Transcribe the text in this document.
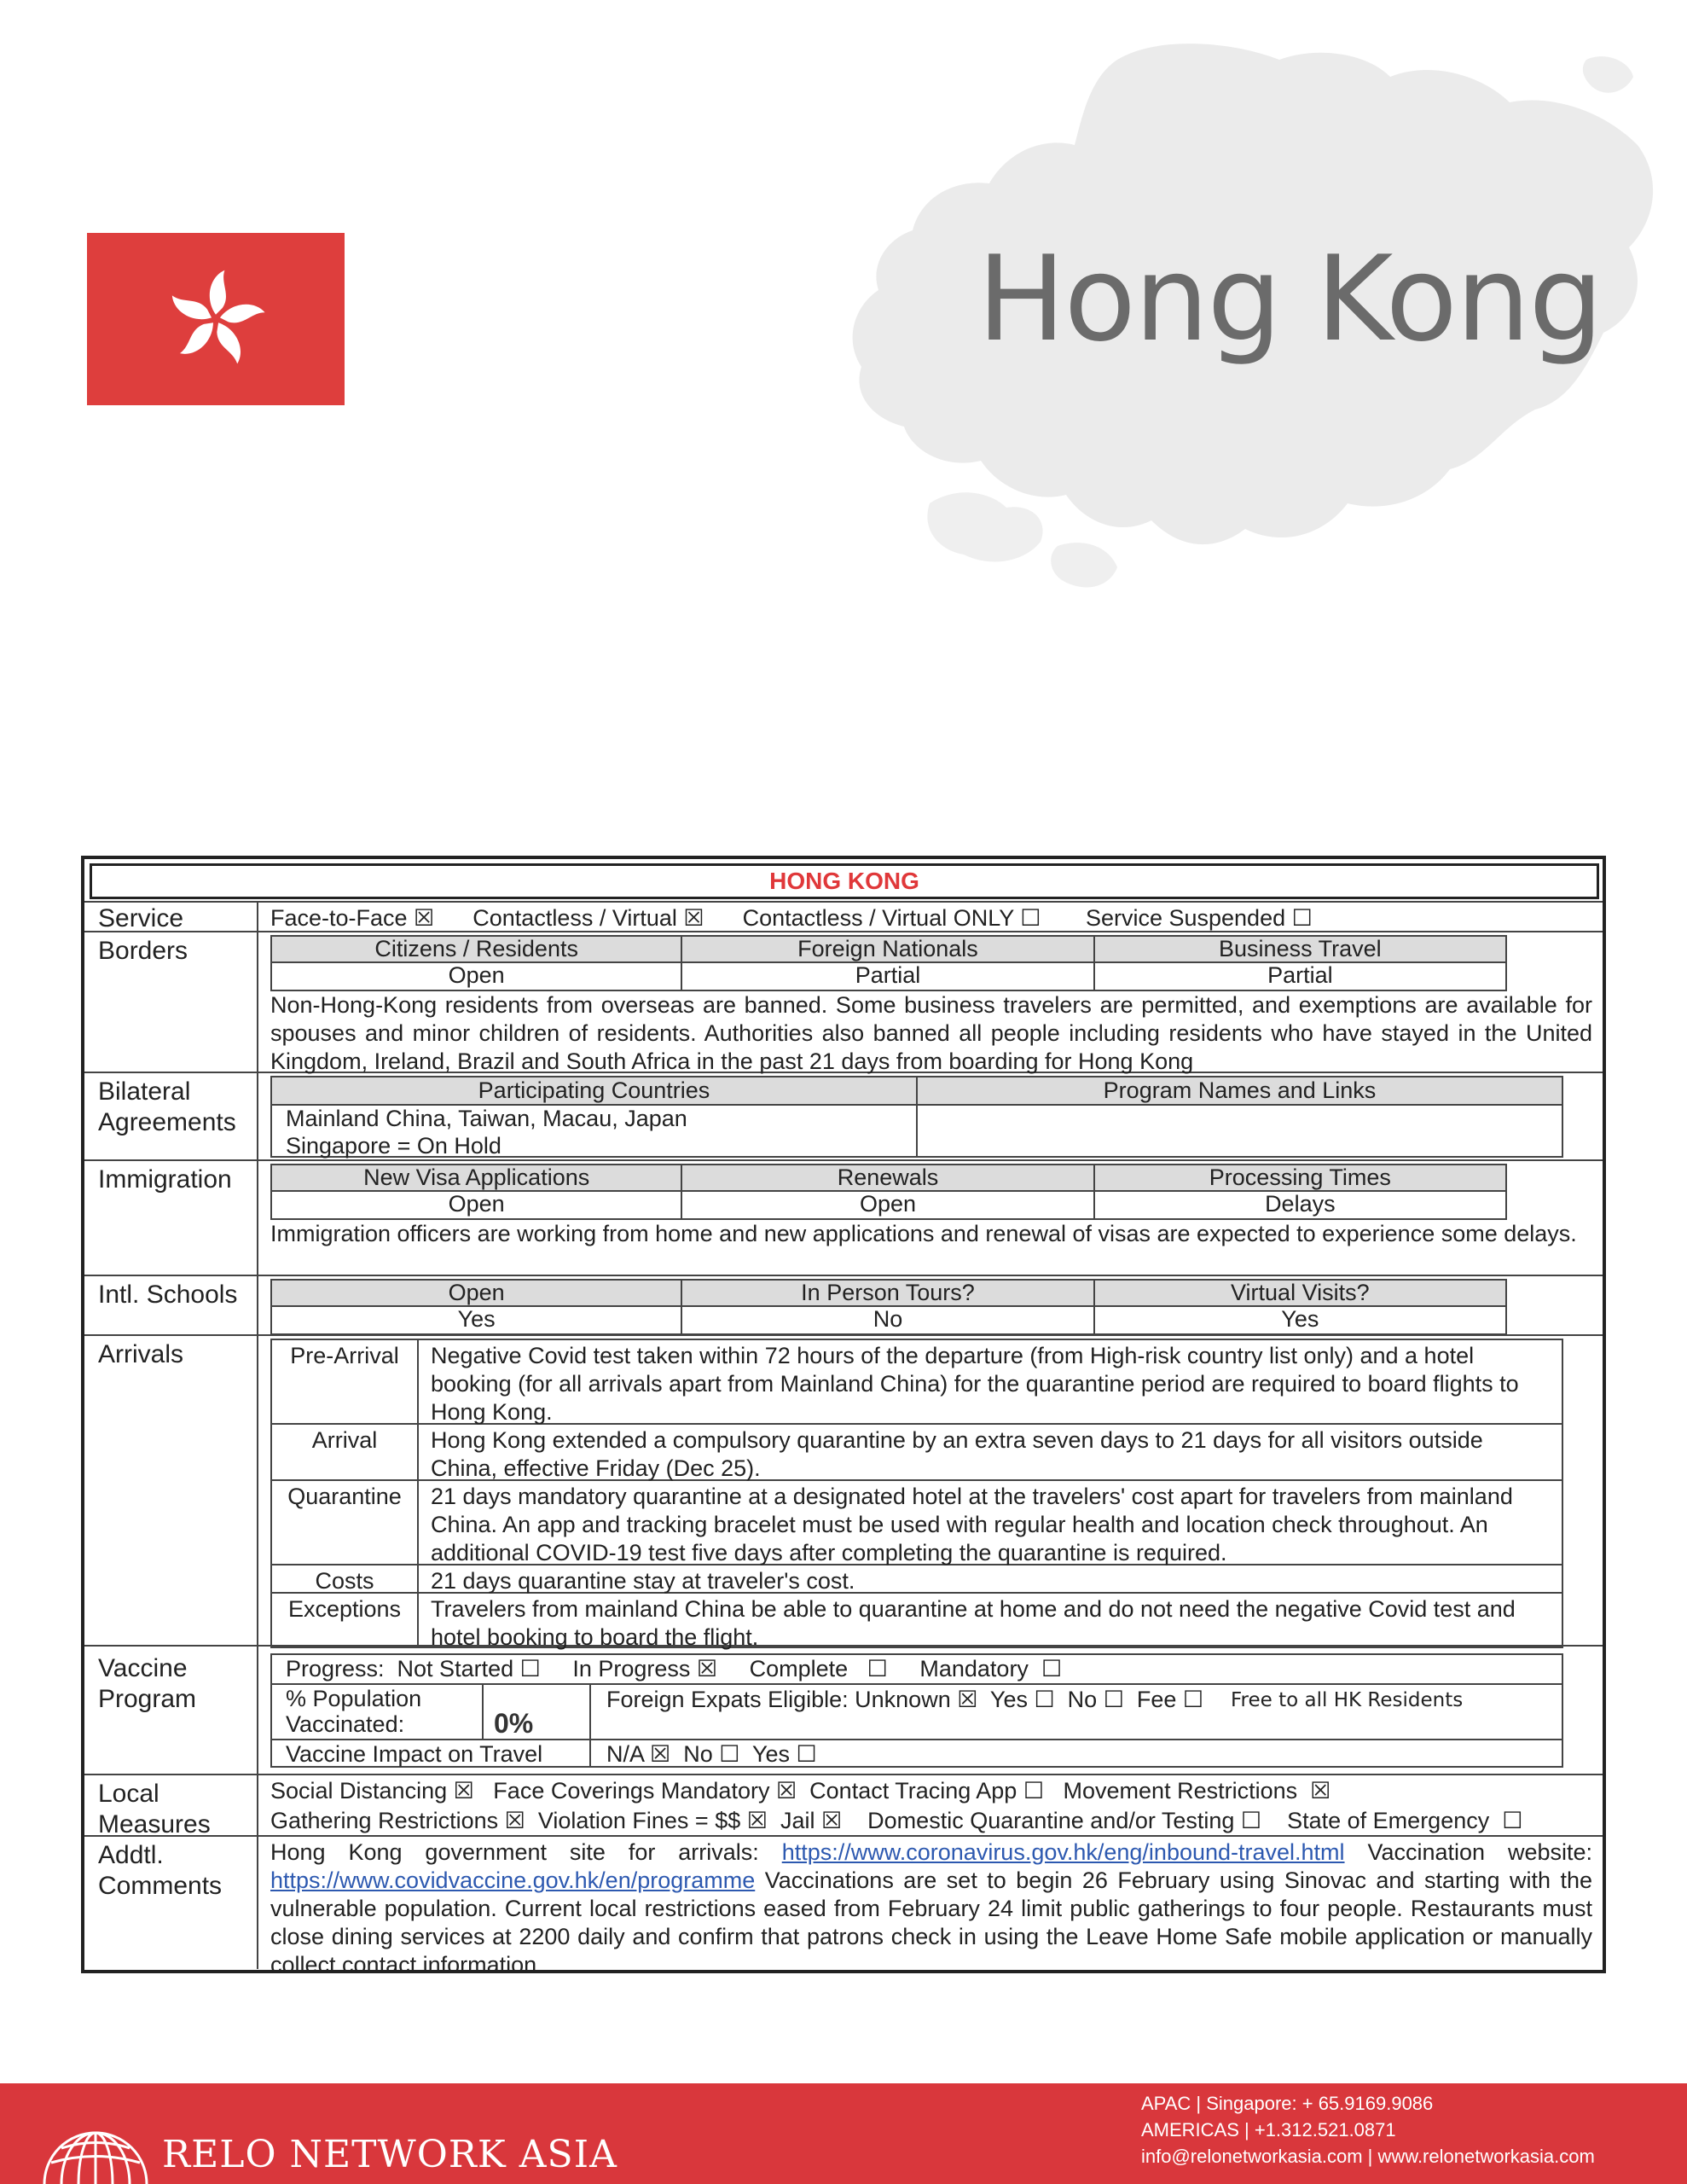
Hong Kong
HONG KONG
Service	Face-to-Face ☒      Contactless / Virtual ☒      Contactless / Virtual ONLY ☐       Service Suspended ☐
Borders	Citizens / Residents	Foreign Nationals	Business Travel
Open	Partial	Partial
Non-Hong-Kong residents from overseas are banned. Some business travelers are permitted, and exemptions are available for spouses and minor children of residents. Authorities also banned all people including residents who have stayed in the United Kingdom, Ireland, Brazil and South Africa in the past 21 days from boarding for Hong Kong
Bilateral Agreements
Participating Countries	Program Names and Links
Mainland China, Taiwan, Macau, Japan
Singapore = On Hold
Immigration	New Visa Applications	Renewals	Processing Times
Open	Open	Delays
Immigration officers are working from home and new applications and renewal of visas are expected to experience some delays.
Intl. Schools	Open	In Person Tours?	Virtual Visits?
Yes	No	Yes
Arrivals	Pre-Arrival	Negative Covid test taken within 72 hours of the departure (from High-risk country list only) and a hotel booking (for all arrivals apart from Mainland China) for the quarantine period are required to board flights to Hong Kong.
Arrival	Hong Kong extended a compulsory quarantine by an extra seven days to 21 days for all visitors outside China, effective Friday (Dec 25).
Quarantine	21 days mandatory quarantine at a designated hotel at the travelers' cost apart for travelers from mainland China. An app and tracking bracelet must be used with regular health and location check throughout. An additional COVID-19 test five days after completing the quarantine is required.
Costs	21 days quarantine stay at traveler's cost.
Exceptions	Travelers from mainland China be able to quarantine at home and do not need the negative Covid test and hotel booking to board the flight.
Vaccine Program
Progress:  Not Started ☐     In Progress ☒     Complete   ☐     Mandatory  ☐
% Population Vaccinated:	0%
Foreign Expats Eligible: Unknown ☒  Yes ☐  No ☐  Fee ☐ Free to all HK Residents
Vaccine Impact on Travel	N/A ☒  No ☐  Yes ☐
Local Measures
Social Distancing ☒   Face Coverings Mandatory ☒  Contact Tracing App ☐   Movement Restrictions  ☒
Gathering Restrictions ☒  Violation Fines = $$ ☒  Jail ☒    Domestic Quarantine and/or Testing ☐    State of Emergency  ☐
Addtl. Comments
Hong Kong government site for arrivals: https://www.coronavirus.gov.hk/eng/inbound-travel.html Vaccination website: https://www.covidvaccine.gov.hk/en/programme Vaccinations are set to begin 26 February using Sinovac and starting with the vulnerable population. Current local restrictions eased from February 24 limit public gatherings to four people. Restaurants must close dining services at 2200 daily and confirm that patrons check in using the Leave Home Safe mobile application or manually collect contact information.
RELO NETWORK ASIA
APAC | Singapore: + 65.9169.9086
AMERICAS | +1.312.521.0871
info@relonetworkasia.com | www.relonetworkasia.com
